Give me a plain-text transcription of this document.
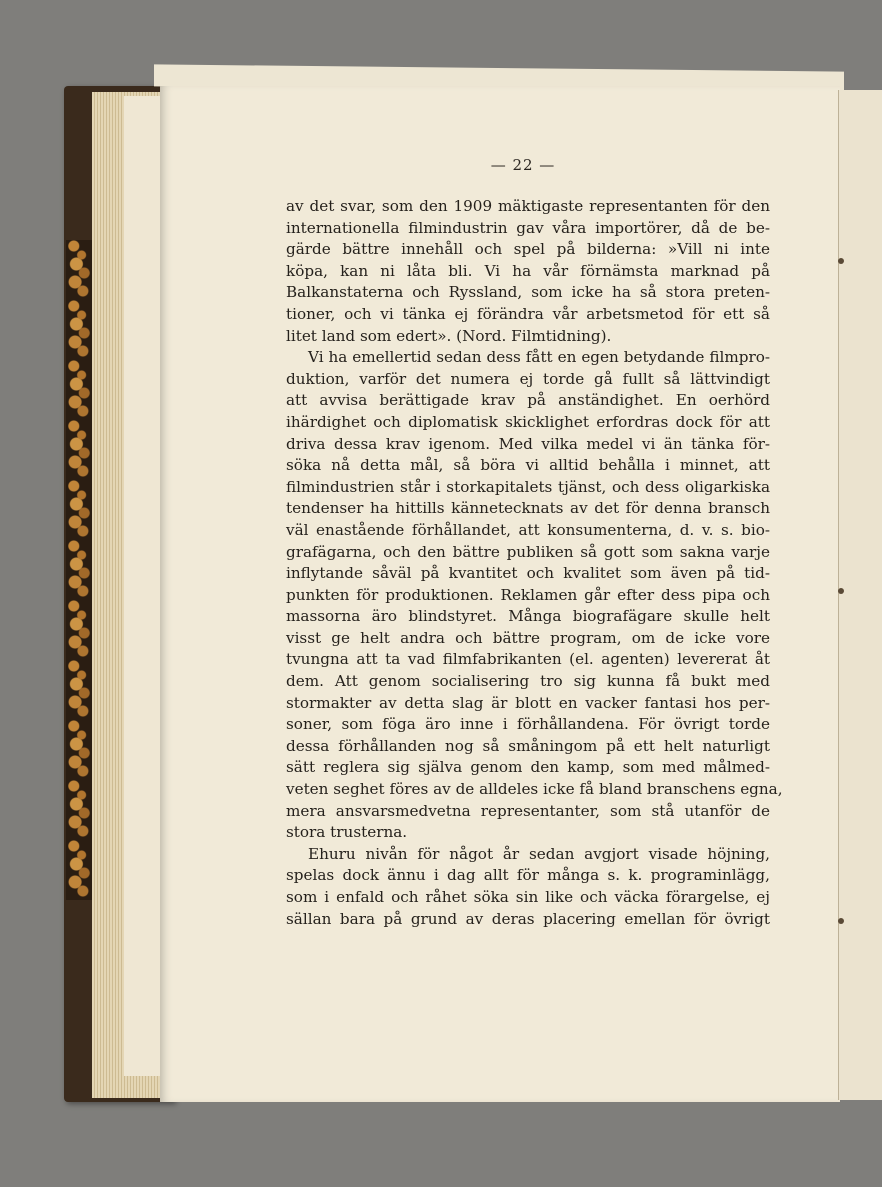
— 22 —
av det svar, som den 1909 mäktigaste representanten för den
internationella filmindustrin gav våra importörer, då de be-
gärde bättre innehåll och spel på bilderna: »Vill ni inte
köpa, kan ni låta bli. Vi ha vår förnämsta marknad på
Balkanstaterna och Ryssland, som icke ha så stora preten-
tioner, och vi tänka ej förändra vår arbetsmetod för ett så
litet land som edert». (Nord. Filmtidning).
Vi ha emellertid sedan dess fått en egen betydande filmpro-
duktion, varför det numera ej torde gå fullt så lättvindigt
att avvisa berättigade krav på anständighet. En oerhörd
ihärdighet och diplomatisk skicklighet erfordras dock för att
driva dessa krav igenom. Med vilka medel vi än tänka för-
söka nå detta mål, så böra vi alltid behålla i minnet, att
filmindustrien står i storkapitalets tjänst, och dess oligarkiska
tendenser ha hittills kännetecknats av det för denna bransch
väl enastående förhållandet, att konsumenterna, d. v. s. bio-
grafägarna, och den bättre publiken så gott som sakna varje
inflytande såväl på kvantitet och kvalitet som även på tid-
punkten för produktionen. Reklamen går efter dess pipa och
massorna äro blindstyret. Många biografägare skulle helt
visst ge helt andra och bättre program, om de icke vore
tvungna att ta vad filmfabrikanten (el. agenten) levererat åt
dem. Att genom socialisering tro sig kunna få bukt med
stormakter av detta slag är blott en vacker fantasi hos per-
soner, som föga äro inne i förhållandena. För övrigt torde
dessa förhållanden nog så småningom på ett helt naturligt
sätt reglera sig själva genom den kamp, som med målmed-
veten seghet föres av de alldeles icke få bland branschens egna,
mera ansvarsmedvetna representanter, som stå utanför de
stora trusterna.
Ehuru nivån för något år sedan avgjort visade höjning,
spelas dock ännu i dag allt för många s. k. programinlägg,
som i enfald och råhet söka sin like och väcka förargelse, ej
sällan bara på grund av deras placering emellan för övrigt
